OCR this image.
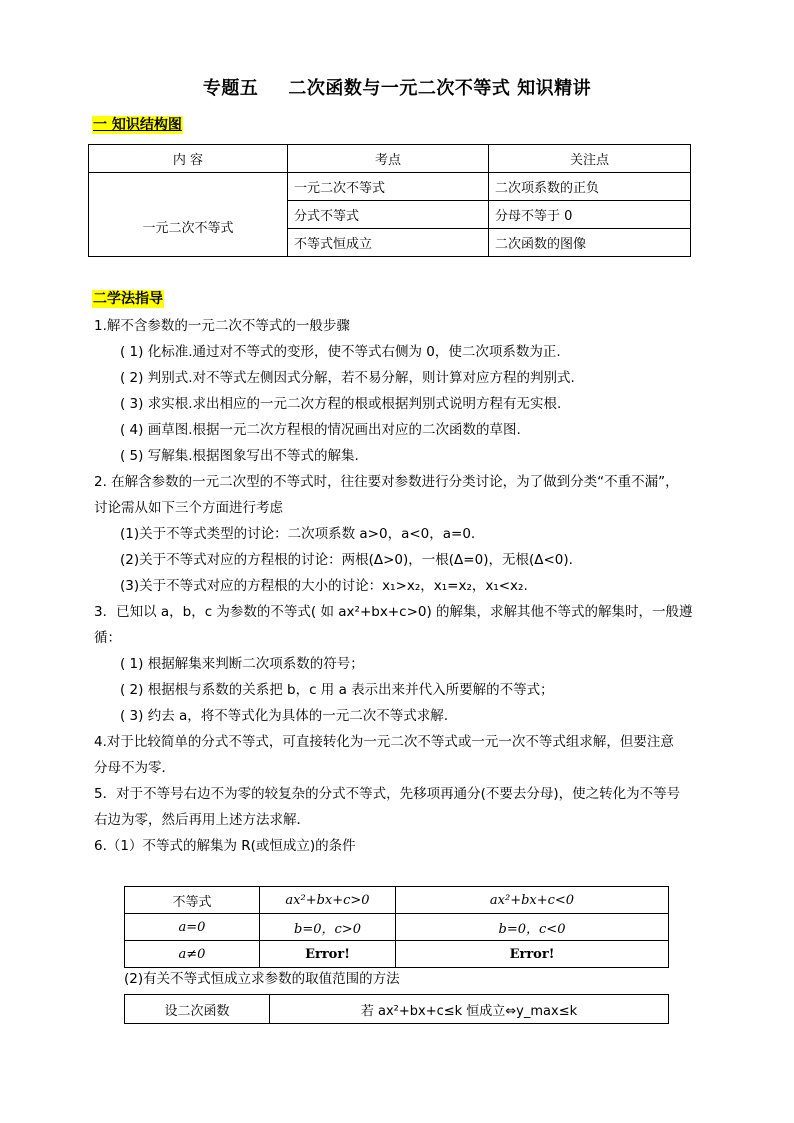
专题五 二次函数与一元二次不等式 知识精讲
一 知识结构图
内 容	考点	关注点
一元二次不等式	一元二次不等式	二次项系数的正负
	分式不等式	分母不等于 0
	不等式恒成立	二次函数的图像
二学法指导
1.解不含参数的一元二次不等式的一般步骤
( 1) 化标准.通过对不等式的变形，使不等式右侧为 0，使二次项系数为正.
( 2) 判别式.对不等式左侧因式分解，若不易分解，则计算对应方程的判别式.
( 3) 求实根.求出相应的一元二次方程的根或根据判别式说明方程有无实根.
( 4) 画草图.根据一元二次方程根的情况画出对应的二次函数的草图.
( 5) 写解集.根据图象写出不等式的解集.
2. 在解含参数的一元二次型的不等式时，往往要对参数进行分类讨论，为了做到分类“不重不漏”，
讨论需从如下三个方面进行考虑
(1)关于不等式类型的讨论：二次项系数 a>0，a<0，a=0.
(2)关于不等式对应的方程根的讨论：两根(Δ>0)，一根(Δ=0)，无根(Δ<0).
(3)关于不等式对应的方程根的大小的讨论：x₁>x₂，x₁=x₂，x₁<x₂.
3．已知以 a，b，c 为参数的不等式( 如 ax²+bx+c>0) 的解集，求解其他不等式的解集时，一般遵
循：
( 1) 根据解集来判断二次项系数的符号；
( 2) 根据根与系数的关系把 b，c 用 a 表示出来并代入所要解的不等式；
( 3) 约去 a，将不等式化为具体的一元二次不等式求解.
4.对于比较简单的分式不等式，可直接转化为一元二次不等式或一元一次不等式组求解，但要注意
分母不为零．
5．对于不等号右边不为零的较复杂的分式不等式，先移项再通分(不要去分母)，使之转化为不等号
右边为零，然后再用上述方法求解．
6.（1）不等式的解集为 R(或恒成立)的条件
不等式	ax²+bx+c>0	ax²+bx+c<0
a=0	b=0，c>0	b=0，c<0
a≠0	Error!	Error!
(2)有关不等式恒成立求参数的取值范围的方法
设二次函数	若 ax²+bx+c≤k 恒成立⇔y_max≤k
